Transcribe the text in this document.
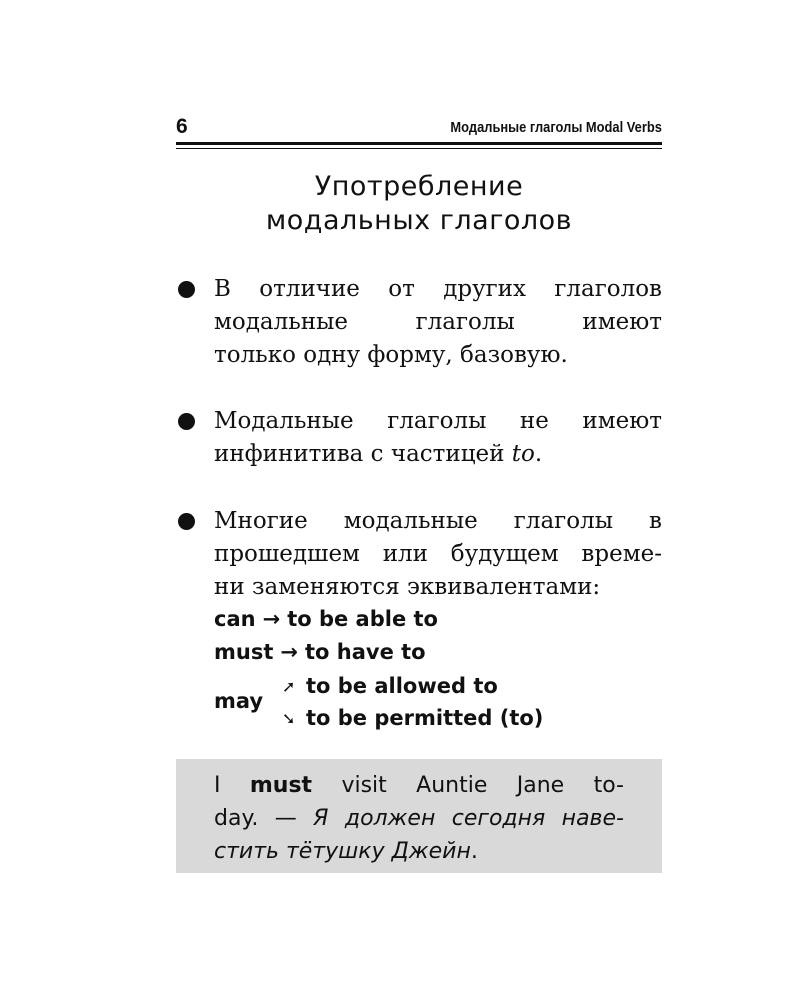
6	Модальные глаголы Modal Verbs
Употребление
модальных глаголов
В отличие от других глаголов
модальные глаголы имеют
только одну форму, базовую.
Модальные глаголы не имеют
инфинитива с частицей to.
Многие модальные глаголы в
прошедшем или будущем време-
ни заменяются эквивалентами:
can → to be able to
must → to have to
may
➚ to be allowed to
➘ to be permitted (to)
I must visit Auntie Jane to-
day. — Я должен сегодня наве-
стить тётушку Джейн.
